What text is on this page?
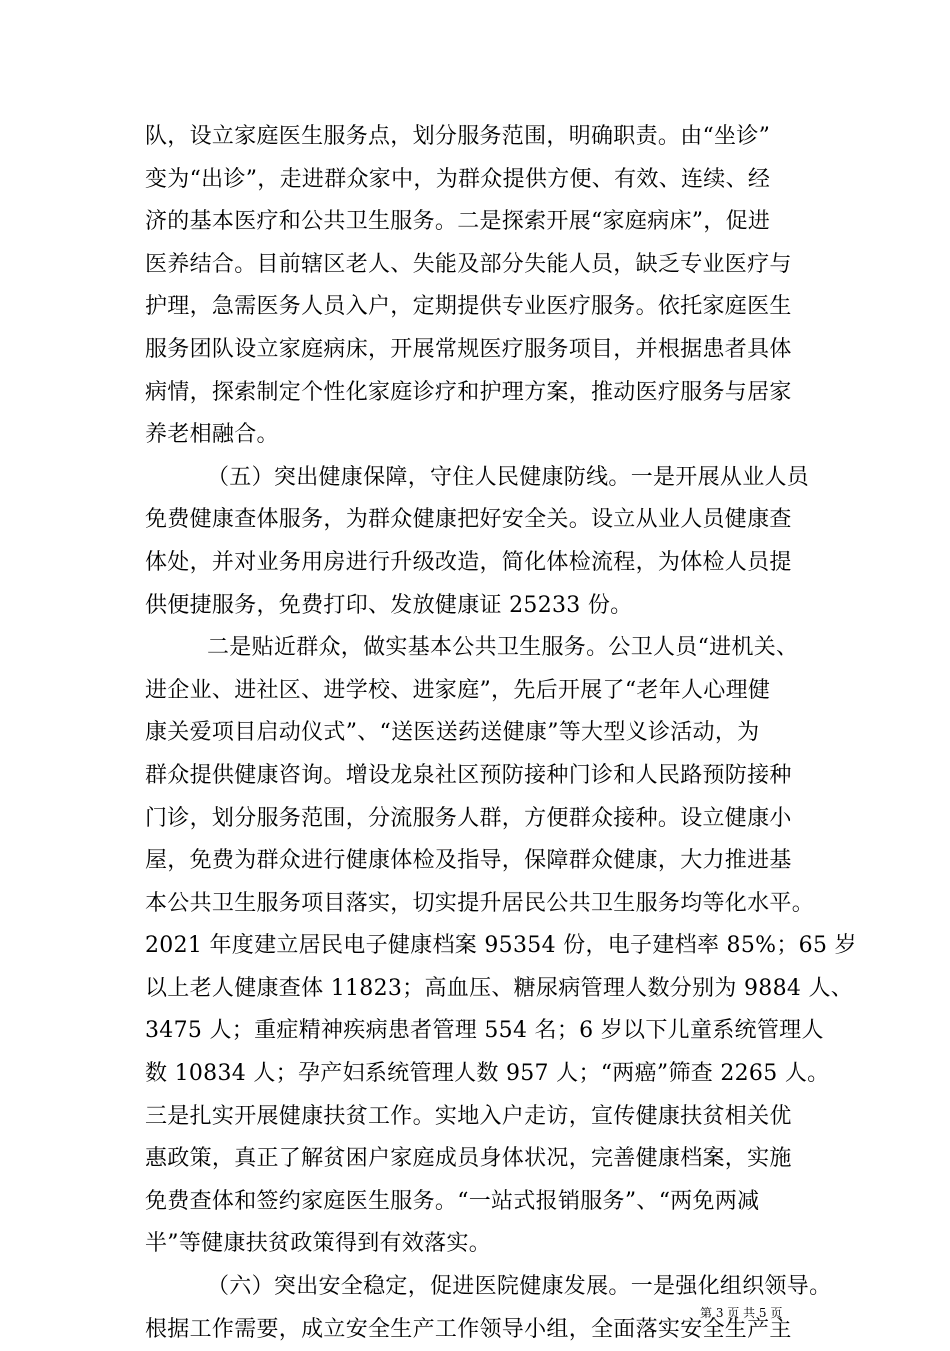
队，设立家庭医生服务点，划分服务范围，明确职责。由“坐诊”
变为“出诊”，走进群众家中，为群众提供方便、有效、连续、经
济的基本医疗和公共卫生服务。二是探索开展“家庭病床”，促进
医养结合。目前辖区老人、失能及部分失能人员，缺乏专业医疗与
护理，急需医务人员入户，定期提供专业医疗服务。依托家庭医生
服务团队设立家庭病床，开展常规医疗服务项目，并根据患者具体
病情，探索制定个性化家庭诊疗和护理方案，推动医疗服务与居家
养老相融合。
（五）突出健康保障，守住人民健康防线。一是开展从业人员
免费健康查体服务，为群众健康把好安全关。设立从业人员健康查
体处，并对业务用房进行升级改造，简化体检流程，为体检人员提
供便捷服务，免费打印、发放健康证 25233 份。
二是贴近群众，做实基本公共卫生服务。公卫人员“进机关、
进企业、进社区、进学校、进家庭”，先后开展了“老年人心理健
康关爱项目启动仪式”、“送医送药送健康”等大型义诊活动，为
群众提供健康咨询。增设龙泉社区预防接种门诊和人民路预防接种
门诊，划分服务范围，分流服务人群，方便群众接种。设立健康小
屋，免费为群众进行健康体检及指导，保障群众健康，大力推进基
本公共卫生服务项目落实，切实提升居民公共卫生服务均等化水平。
2021 年度建立居民电子健康档案 95354 份，电子建档率 85%；65 岁
以上老人健康查体 11823；高血压、糖尿病管理人数分别为 9884 人、
3475 人；重症精神疾病患者管理 554 名；6 岁以下儿童系统管理人
数 10834 人；孕产妇系统管理人数 957 人；“两癌”筛查 2265 人。
三是扎实开展健康扶贫工作。实地入户走访，宣传健康扶贫相关优
惠政策，真正了解贫困户家庭成员身体状况，完善健康档案，实施
免费查体和签约家庭医生服务。“一站式报销服务”、“两免两减
半”等健康扶贫政策得到有效落实。
（六）突出安全稳定，促进医院健康发展。一是强化组织领导。
根据工作需要，成立安全生产工作领导小组，全面落实安全生产主
第 3 页 共 5 页
